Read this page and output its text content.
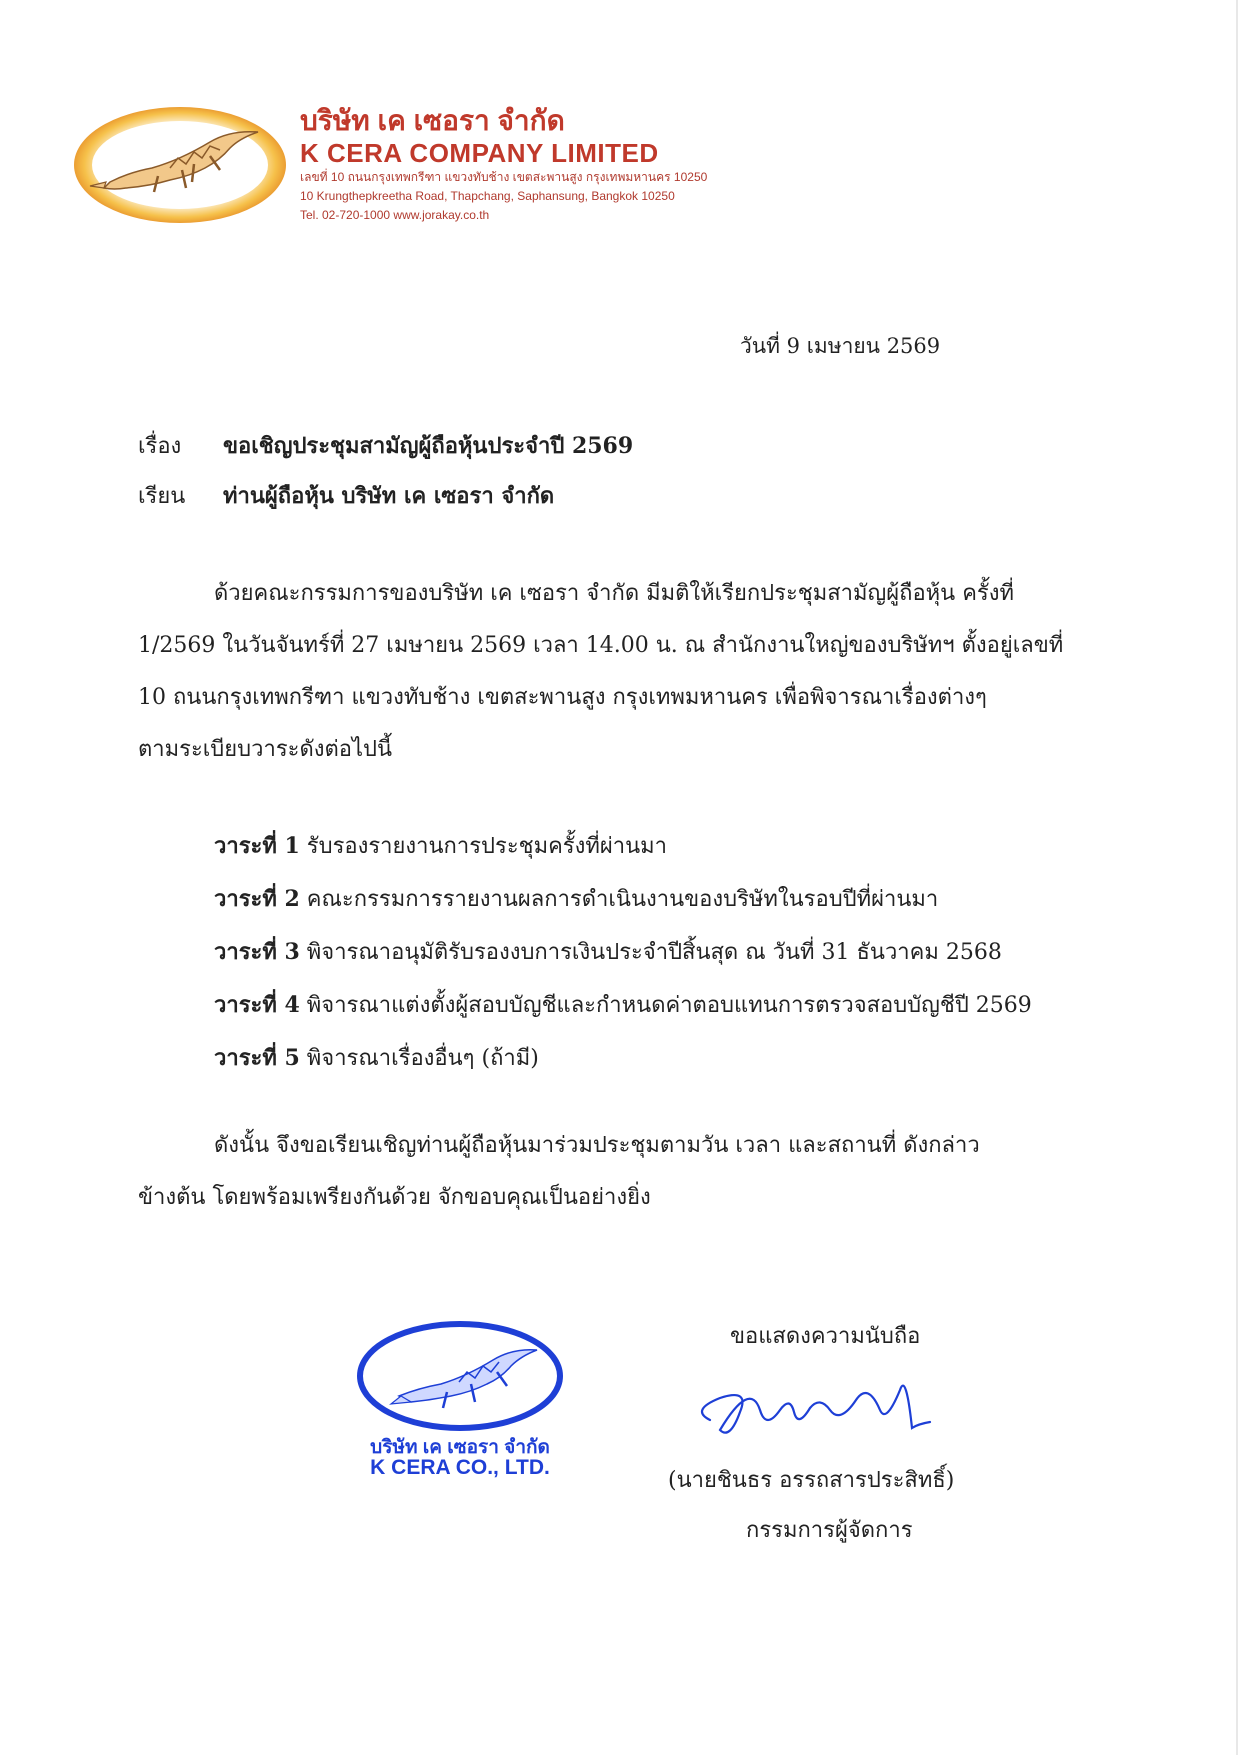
บริษัท เค เซอรา จำกัด
K CERA COMPANY LIMITED
เลขที่ 10 ถนนกรุงเทพกรีฑา แขวงทับช้าง เขตสะพานสูง กรุงเทพมหานคร 10250
10 Krungthepkreetha Road, Thapchang, Saphansung, Bangkok 10250
Tel. 02-720-1000 www.jorakay.co.th
วันที่ 9 เมษายน 2569
เรื่อง ขอเชิญประชุมสามัญผู้ถือหุ้นประจำปี 2569
เรียน ท่านผู้ถือหุ้น บริษัท เค เซอรา จำกัด
ด้วยคณะกรรมการของบริษัท เค เซอรา จำกัด มีมติให้เรียกประชุมสามัญผู้ถือหุ้น ครั้งที่
1/2569 ในวันจันทร์ที่ 27 เมษายน 2569 เวลา 14.00 น. ณ สำนักงานใหญ่ของบริษัทฯ ตั้งอยู่เลขที่
10 ถนนกรุงเทพกรีฑา แขวงทับช้าง เขตสะพานสูง กรุงเทพมหานคร เพื่อพิจารณาเรื่องต่างๆ
ตามระเบียบวาระดังต่อไปนี้
วาระที่ 1 รับรองรายงานการประชุมครั้งที่ผ่านมา
วาระที่ 2 คณะกรรมการรายงานผลการดำเนินงานของบริษัทในรอบปีที่ผ่านมา
วาระที่ 3 พิจารณาอนุมัติรับรองงบการเงินประจำปีสิ้นสุด ณ วันที่ 31 ธันวาคม 2568
วาระที่ 4 พิจารณาแต่งตั้งผู้สอบบัญชีและกำหนดค่าตอบแทนการตรวจสอบบัญชีปี 2569
วาระที่ 5 พิจารณาเรื่องอื่นๆ (ถ้ามี)
ดังนั้น จึงขอเรียนเชิญท่านผู้ถือหุ้นมาร่วมประชุมตามวัน เวลา และสถานที่ ดังกล่าว
ข้างต้น โดยพร้อมเพรียงกันด้วย จักขอบคุณเป็นอย่างยิ่ง
บริษัท เค เซอรา จำกัด
K CERA CO., LTD.
ขอแสดงความนับถือ
(นายชินธร อรรถสารประสิทธิ์)
กรรมการผู้จัดการ
